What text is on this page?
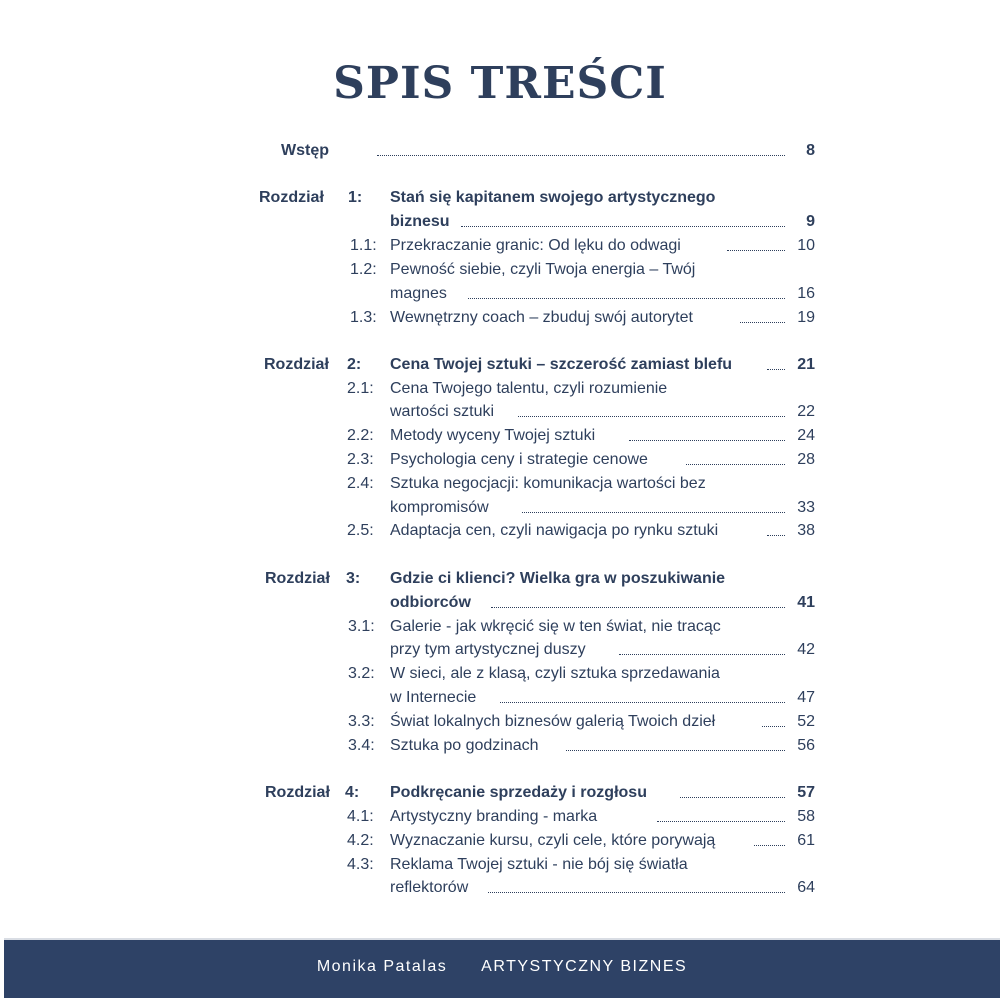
SPIS TREŚCI
Wstęp	8
Rozdział 1: Stań się kapitanem swojego artystycznego
biznesu	9
1.1: Przekraczanie granic: Od lęku do odwagi	10
1.2: Pewność siebie, czyli Twoja energia – Twój
magnes	16
1.3: Wewnętrzny coach – zbuduj swój autorytet	19
Rozdział 2: Cena Twojej sztuki – szczerość zamiast blefu	21
2.1: Cena Twojego talentu, czyli rozumienie
wartości sztuki	22
2.2: Metody wyceny Twojej sztuki	24
2.3: Psychologia ceny i strategie cenowe	28
2.4: Sztuka negocjacji: komunikacja wartości bez
kompromisów	33
2.5: Adaptacja cen, czyli nawigacja po rynku sztuki	38
Rozdział 3: Gdzie ci klienci? Wielka gra w poszukiwanie
odbiorców	41
3.1: Galerie - jak wkręcić się w ten świat, nie tracąc
przy tym artystycznej duszy	42
3.2: W sieci, ale z klasą, czyli sztuka sprzedawania
w Internecie	47
3.3: Świat lokalnych biznesów galerią Twoich dzieł	52
3.4: Sztuka po godzinach	56
Rozdział 4: Podkręcanie sprzedaży i rozgłosu	57
4.1: Artystyczny branding - marka	58
4.2: Wyznaczanie kursu, czyli cele, które porywają	61
4.3: Reklama Twojej sztuki - nie bój się światła
reflektorów	64
Monika Patalas ARTYSTYCZNY BIZNES
